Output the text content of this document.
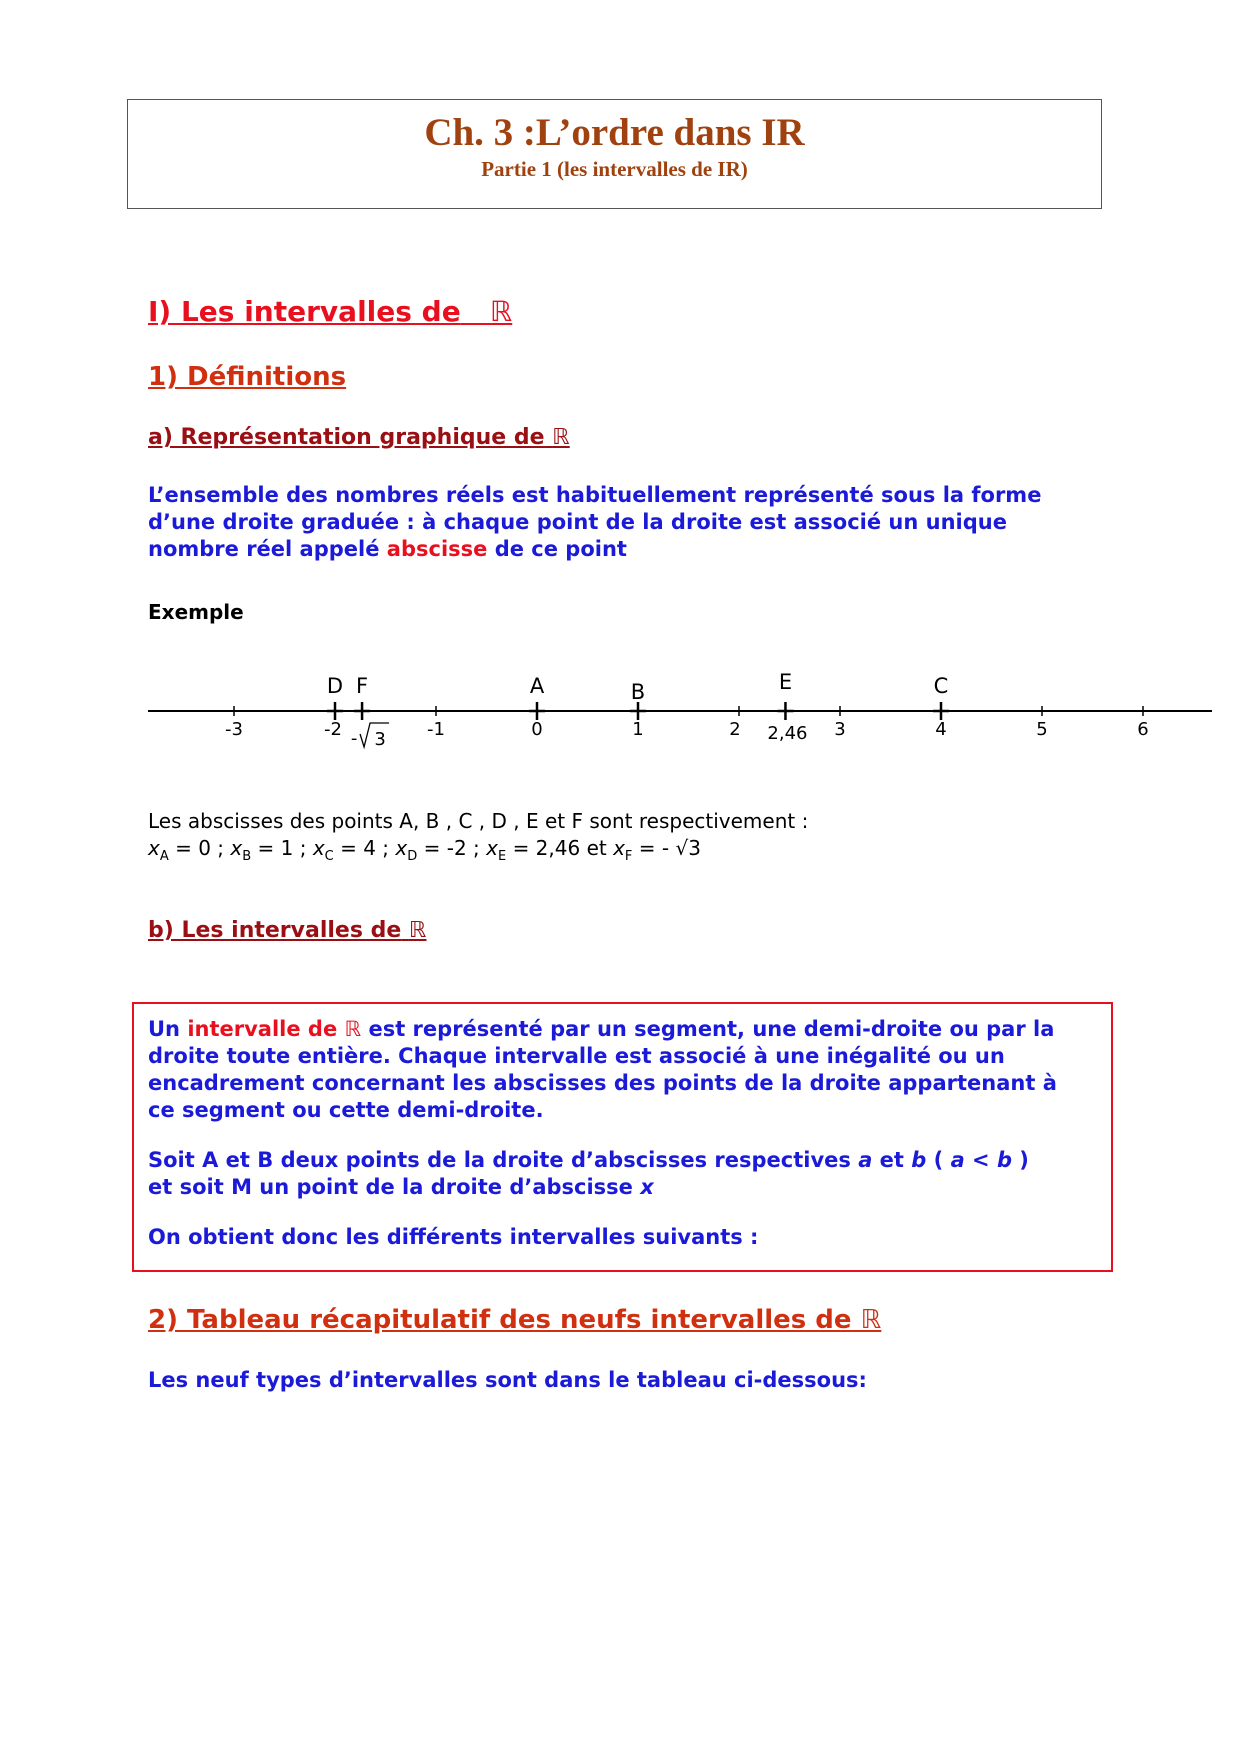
Ch. 3 :L’ordre dans IR
Partie 1 (les intervalles de IR)
I) Les intervalles de ℝ
1) Définitions
a) Représentation graphique de ℝ
L’ensemble des nombres réels est habituellement représenté sous la forme
d’une droite graduée : à chaque point de la droite est associé un unique
nombre réel appelé abscisse de ce point
Exemple
-3	-2	-1	0	1	2	3	4	5	6
D F	A	B	E	C
- 3	2,46
Les abscisses des points A, B , C , D , E et F sont respectivement :
$x_A = 0$ ; $x_B = 1$ ; $x_C = 4$ ; $x_D = -2$ ; $x_E = 2,46$ et $x_F$ = - √3
b) Les intervalles de ℝ
Un intervalle de ℝ est représenté par un segment, une demi-droite ou par la
droite toute entière. Chaque intervalle est associé à une inégalité ou un
encadrement concernant les abscisses des points de la droite appartenant à
ce segment ou cette demi-droite.
Soit A et B deux points de la droite d’abscisses respectives a et b ( a < b )
et soit M un point de la droite d’abscisse x
On obtient donc les différents intervalles suivants :
2) Tableau récapitulatif des neufs intervalles de ℝ
Les neuf types d’intervalles sont dans le tableau ci-dessous:
